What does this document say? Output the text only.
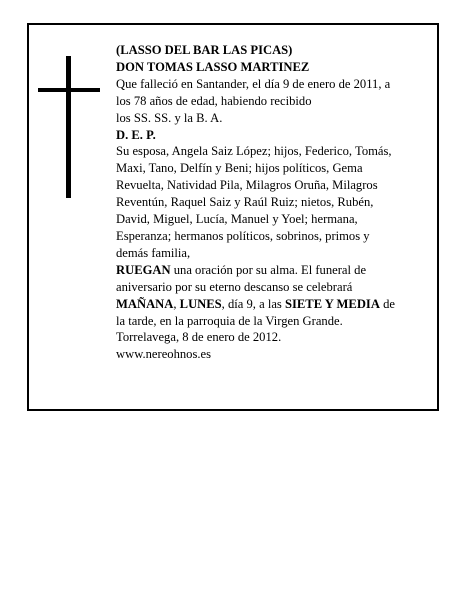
(LASSO DEL BAR LAS PICAS)

DON TOMAS LASSO MARTINEZ

Que falleció en Santander, el día 9 de enero de 2011, a

los 78 años de edad, habiendo recibido

los SS. SS. y la B. A.

D. E. P.

Su esposa, Angela Saiz López; hijos, Federico, Tomás,

Maxi, Tano, Delfín y Beni; hijos políticos, Gema

Revuelta, Natividad Pila, Milagros Oruña, Milagros

Reventún, Raquel Saiz y Raúl Ruiz; nietos, Rubén,

David, Miguel, Lucía, Manuel y Yoel; hermana,

Esperanza; hermanos políticos, sobrinos, primos y

demás familia,

RUEGAN una oración por su alma. El funeral de

aniversario por su eterno descanso se celebrará

MAÑANA, LUNES, día 9, a las SIETE Y MEDIA de

la tarde, en la parroquia de la Virgen Grande.

Torrelavega, 8 de enero de 2012.

www.nereohnos.es
